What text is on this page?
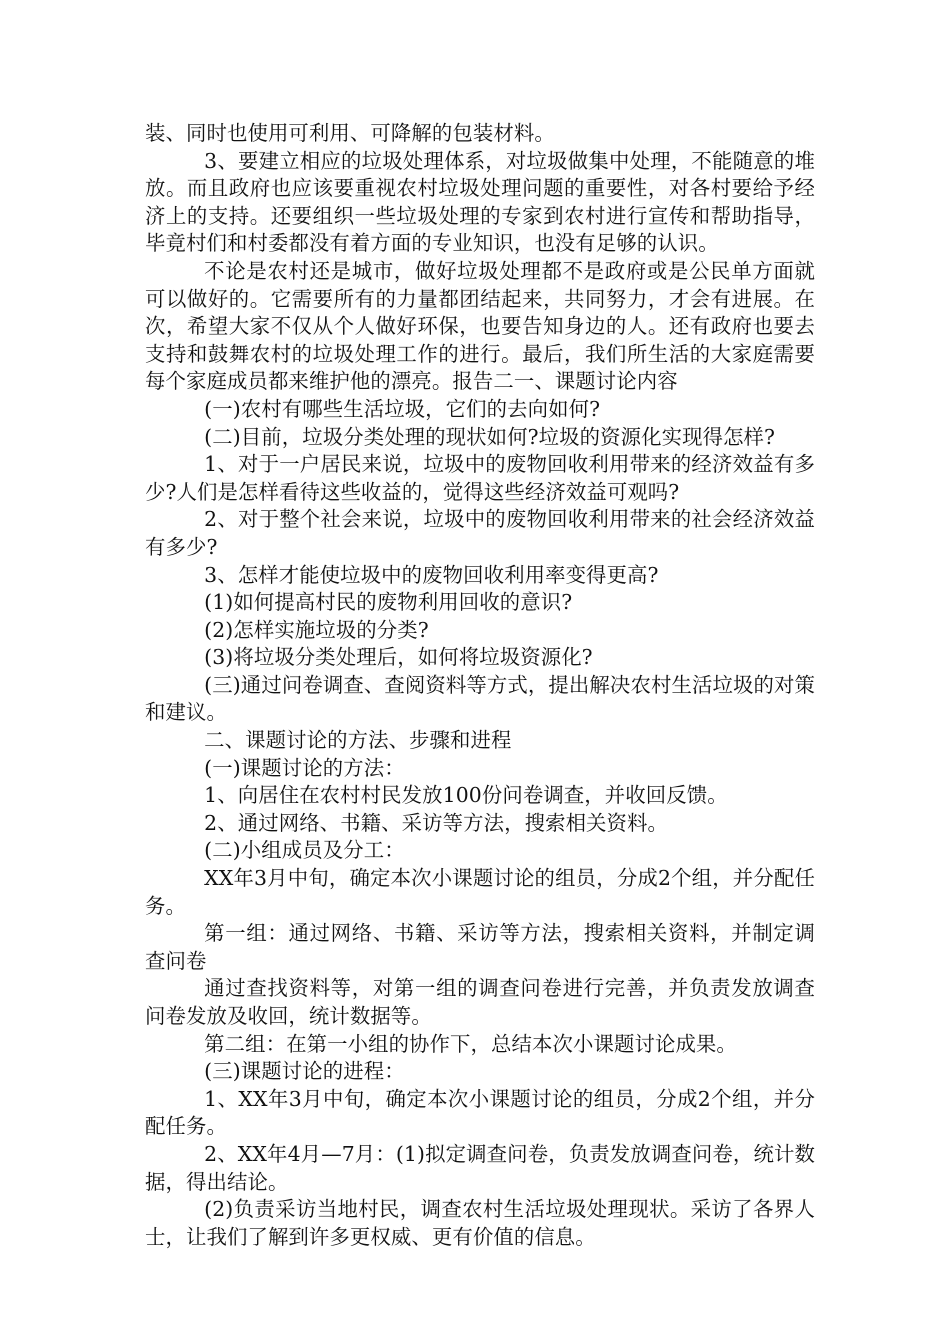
装、同时也使用可利用、可降解的包装材料。

3、要建立相应的垃圾处理体系，对垃圾做集中处理，不能随意的堆放。而且政府也应该要重视农村垃圾处理问题的重要性，对各村要给予经济上的支持。还要组织一些垃圾处理的专家到农村进行宣传和帮助指导，毕竟村们和村委都没有着方面的专业知识，也没有足够的认识。

不论是农村还是城市，做好垃圾处理都不是政府或是公民单方面就可以做好的。它需要所有的力量都团结起来，共同努力，才会有进展。在次，希望大家不仅从个人做好环保，也要告知身边的人。还有政府也要去支持和鼓舞农村的垃圾处理工作的进行。最后，我们所生活的大家庭需要每个家庭成员都来维护他的漂亮。报告二一、课题讨论内容

(一)农村有哪些生活垃圾，它们的去向如何?

(二)目前，垃圾分类处理的现状如何?垃圾的资源化实现得怎样?

1、对于一户居民来说，垃圾中的废物回收利用带来的经济效益有多少?人们是怎样看待这些收益的，觉得这些经济效益可观吗?

2、对于整个社会来说，垃圾中的废物回收利用带来的社会经济效益有多少?

3、怎样才能使垃圾中的废物回收利用率变得更高?

(1)如何提高村民的废物利用回收的意识?

(2)怎样实施垃圾的分类?

(3)将垃圾分类处理后，如何将垃圾资源化?

(三)通过问卷调查、查阅资料等方式，提出解决农村生活垃圾的对策和建议。

二、课题讨论的方法、步骤和进程

(一)课题讨论的方法：

1、向居住在农村村民发放100份问卷调查，并收回反馈。

2、通过网络、书籍、采访等方法，搜索相关资料。

(二)小组成员及分工：

XX年3月中旬，确定本次小课题讨论的组员，分成2个组，并分配任务。

第一组：通过网络、书籍、采访等方法，搜索相关资料，并制定调查问卷

通过查找资料等，对第一组的调查问卷进行完善，并负责发放调查问卷发放及收回，统计数据等。

第二组：在第一小组的协作下，总结本次小课题讨论成果。

(三)课题讨论的进程：

1、XX年3月中旬，确定本次小课题讨论的组员，分成2个组，并分配任务。

2、XX年4月—7月：(1)拟定调查问卷，负责发放调查问卷，统计数据，得出结论。

(2)负责采访当地村民，调查农村生活垃圾处理现状。采访了各界人士，让我们了解到许多更权威、更有价值的信息。
